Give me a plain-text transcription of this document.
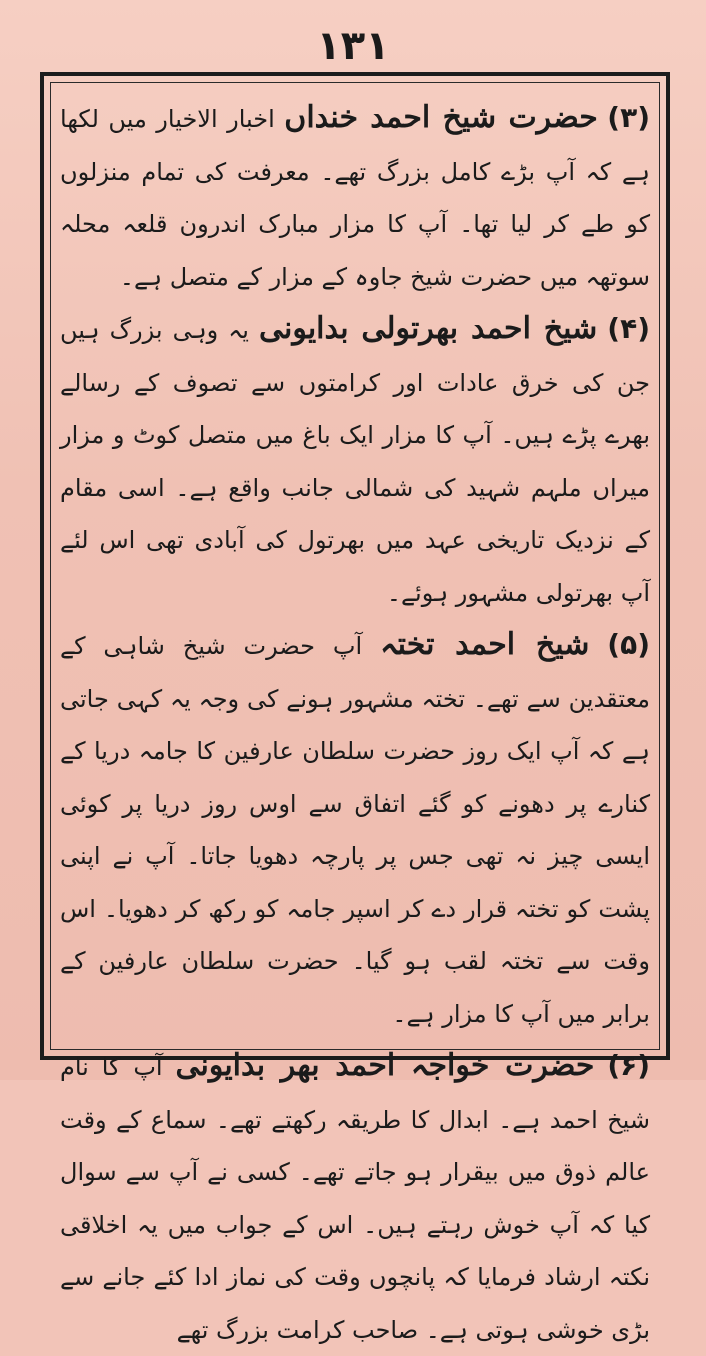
۱۳۱

(۳) حضرت شیخ احمد خنداں اخبار الاخیار میں لکھا ہے کہ آپ بڑے کامل بزرگ تھے۔ معرفت کی تمام منزلوں کو طے کر لیا تھا۔ آپ کا مزار مبارک اندرون قلعہ محلہ سوتھہ میں حضرت شیخ جاوہ کے مزار کے متصل ہے۔

(۴) شیخ احمد بھرتولی بدایونی یہ وہی بزرگ ہیں جن کی خرق عادات اور کرامتوں سے تصوف کے رسالے بھرے پڑے ہیں۔ آپ کا مزار ایک باغ میں متصل کوٹ و مزار میراں ملہم شہید کی شمالی جانب واقع ہے۔ اسی مقام کے نزدیک تاریخی عہد میں بھرتول کی آبادی تھی اس لئے آپ بھرتولی مشہور ہوئے۔

(۵) شیخ احمد تختہ آپ حضرت شیخ شاہی کے معتقدین سے تھے۔ تختہ مشہور ہونے کی وجہ یہ کہی جاتی ہے کہ آپ ایک روز حضرت سلطان عارفین کا جامہ دریا کے کنارے پر دھونے کو گئے اتفاق سے اوس روز دریا پر کوئی ایسی چیز نہ تھی جس پر پارچہ دھویا جاتا۔ آپ نے اپنی پشت کو تختہ قرار دے کر اسپر جامہ کو رکھ کر دھویا۔ اس وقت سے تختہ لقب ہو گیا۔ حضرت سلطان عارفین کے برابر میں آپ کا مزار ہے۔

(۶) حضرت خواجہ احمد بھر بدایونی آپ کا نام شیخ احمد ہے۔ ابدال کا طریقہ رکھتے تھے۔ سماع کے وقت عالم ذوق میں بیقرار ہو جاتے تھے۔ کسی نے آپ سے سوال کیا کہ آپ خوش رہتے ہیں۔ اس کے جواب میں یہ اخلاقی نکتہ ارشاد فرمایا کہ پانچوں وقت کی نماز ادا کئے جانے سے بڑی خوشی ہوتی ہے۔ صاحب کرامت بزرگ تھے
